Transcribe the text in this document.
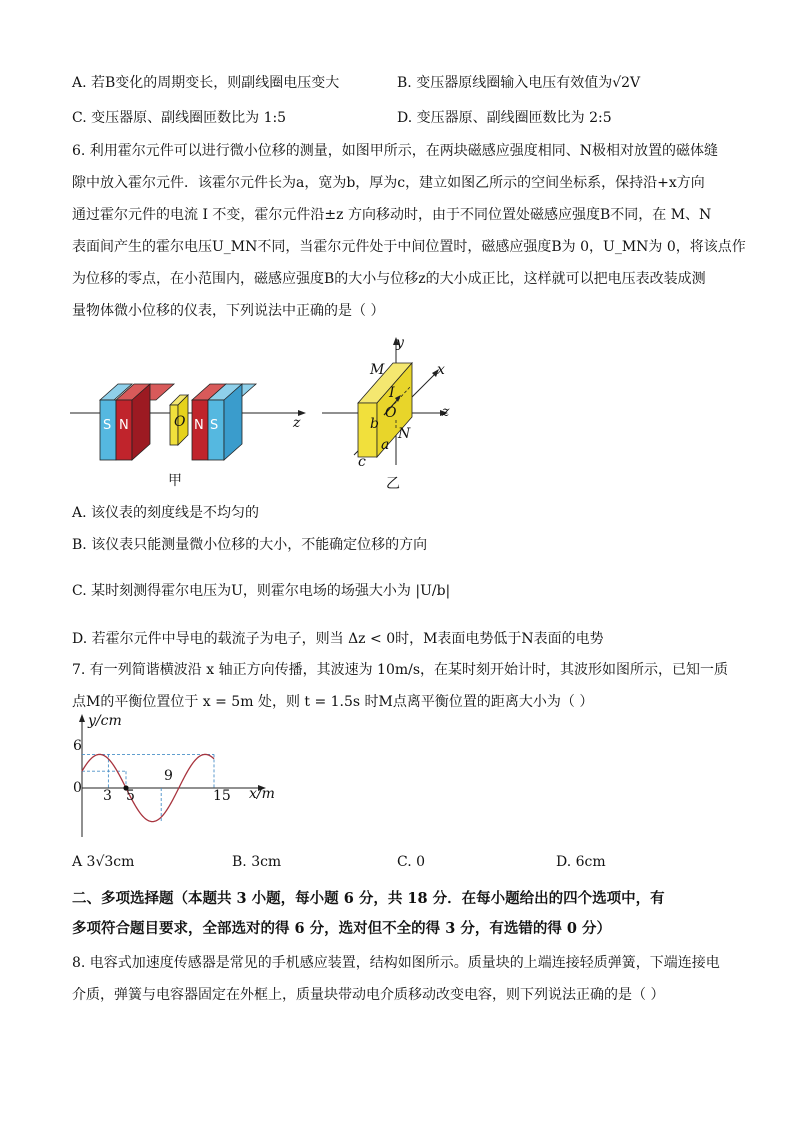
A. 若B变化的周期变长，则副线圈电压变大	B. 变压器原线圈输入电压有效值为√2V
C. 变压器原、副线圈匝数比为 1:5	D. 变压器原、副线圈匝数比为 2:5
6. 利用霍尔元件可以进行微小位移的测量，如图甲所示，在两块磁感应强度相同、N极相对放置的磁体缝
隙中放入霍尔元件．该霍尔元件长为a，宽为b，厚为c，建立如图乙所示的空间坐标系，保持沿+x方向
通过霍尔元件的电流 I 不变，霍尔元件沿±z 方向移动时，由于不同位置处磁感应强度B不同，在 M、N
表面间产生的霍尔电压U_MN不同，当霍尔元件处于中间位置时，磁感应强度B为 0，U_MN为 0，将该点作
为位移的零点，在小范围内，磁感应强度B的大小与位移z的大小成正比，这样就可以把电压表改装成测
量物体微小位移的仪表，下列说法中正确的是（ ）
S N	O N S	z
甲
y
x
z
M
N
I
O
a
b
c
乙
A. 该仪表的刻度线是不均匀的
B. 该仪表只能测量微小位移的大小，不能确定位移的方向
C. 某时刻测得霍尔电压为U，则霍尔电场的场强大小为 |U/b|
D. 若霍尔元件中导电的载流子为电子，则当 Δz < 0时，M表面电势低于N表面的电势
7. 有一列简谐横波沿 x 轴正方向传播，其波速为 10m/s，在某时刻开始计时，其波形如图所示，已知一质
点M的平衡位置位于 x = 5m 处，则 t = 1.5s 时M点离平衡位置的距离大小为（ ）
y/cm
6
0 3 5
9
15 x/m
A 3√3cm	B. 3cm	C. 0	D. 6cm
二、多项选择题（本题共 3 小题，每小题 6 分，共 18 分．在每小题给出的四个选项中，有
多项符合题目要求，全部选对的得 6 分，选对但不全的得 3 分，有选错的得 0 分）
8. 电容式加速度传感器是常见的手机感应装置，结构如图所示。质量块的上端连接轻质弹簧，下端连接电
介质，弹簧与电容器固定在外框上，质量块带动电介质移动改变电容，则下列说法正确的是（ ）
